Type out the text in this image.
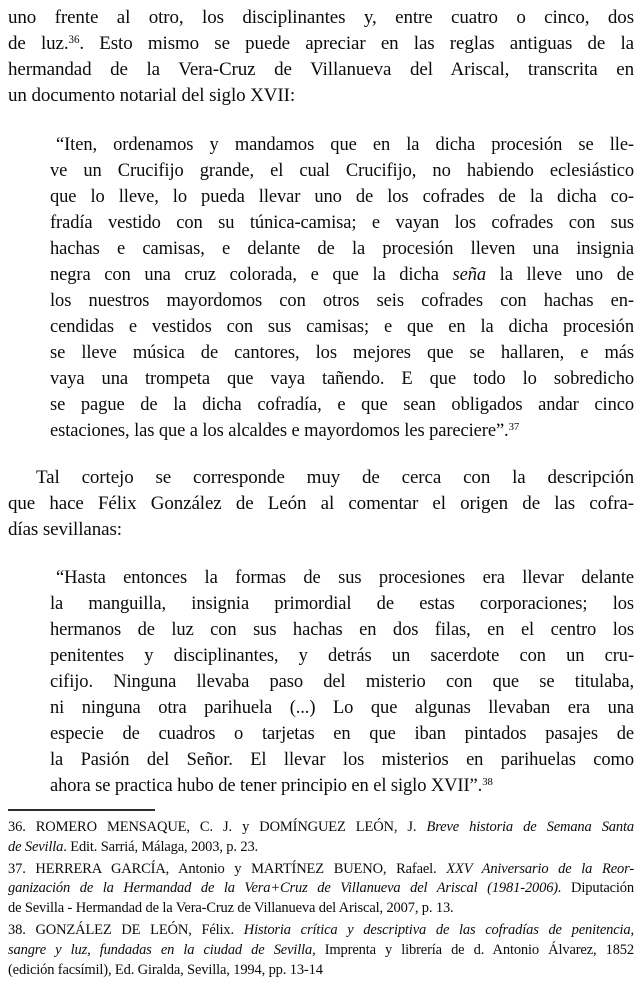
uno frente al otro, los disciplinantes y, entre cuatro o cinco, dos
de luz.$^{36}$. Esto mismo se puede apreciar en las reglas antiguas de la
hermandad de la Vera-Cruz de Villanueva del Ariscal, transcrita en
un documento notarial del siglo XVII:
“Iten, ordenamos y mandamos que en la dicha procesión se lle-
ve un Crucifijo grande, el cual Crucifijo, no habiendo eclesiástico
que lo lleve, lo pueda llevar uno de los cofrades de la dicha co-
fradía vestido con su túnica-camisa; e vayan los cofrades con sus
hachas e camisas, e delante de la procesión lleven una insignia
negra con una cruz colorada, e que la dicha seña la lleve uno de
los nuestros mayordomos con otros seis cofrades con hachas en-
cendidas e vestidos con sus camisas; e que en la dicha procesión
se lleve música de cantores, los mejores que se hallaren, e más
vaya una trompeta que vaya tañendo. E que todo lo sobredicho
se pague de la dicha cofradía, e que sean obligados andar cinco
estaciones, las que a los alcaldes e mayordomos les pareciere”.$^{37}$
Tal cortejo se corresponde muy de cerca con la descripción
que hace Félix González de León al comentar el origen de las cofra-
días sevillanas:
“Hasta entonces la formas de sus procesiones era llevar delante
la manguilla, insignia primordial de estas corporaciones; los
hermanos de luz con sus hachas en dos filas, en el centro los
penitentes y disciplinantes, y detrás un sacerdote con un cru-
cifijo. Ninguna llevaba paso del misterio con que se titulaba,
ni ninguna otra parihuela (...) Lo que algunas llevaban era una
especie de cuadros o tarjetas en que iban pintados pasajes de
la Pasión del Señor. El llevar los misterios en parihuelas como
ahora se practica hubo de tener principio en el siglo XVII”.$^{38}$
36. ROMERO MENSAQUE, C. J. y DOMÍNGUEZ LEÓN, J. Breve historia de Semana Santa
de Sevilla. Edit. Sarriá, Málaga, 2003, p. 23.
37. HERRERA GARCÍA, Antonio y MARTÍNEZ BUENO, Rafael. XXV Aniversario de la Reor-
ganización de la Hermandad de la Vera+Cruz de Villanueva del Ariscal (1981-2006). Diputación
de Sevilla - Hermandad de la Vera-Cruz de Villanueva del Ariscal, 2007, p. 13.
38. GONZÁLEZ DE LEÓN, Félix. Historia crítica y descriptiva de las cofradías de penitencia,
sangre y luz, fundadas en la ciudad de Sevilla, Imprenta y librería de d. Antonio Álvarez, 1852
(edición facsímil), Ed. Giralda, Sevilla, 1994, pp. 13-14
